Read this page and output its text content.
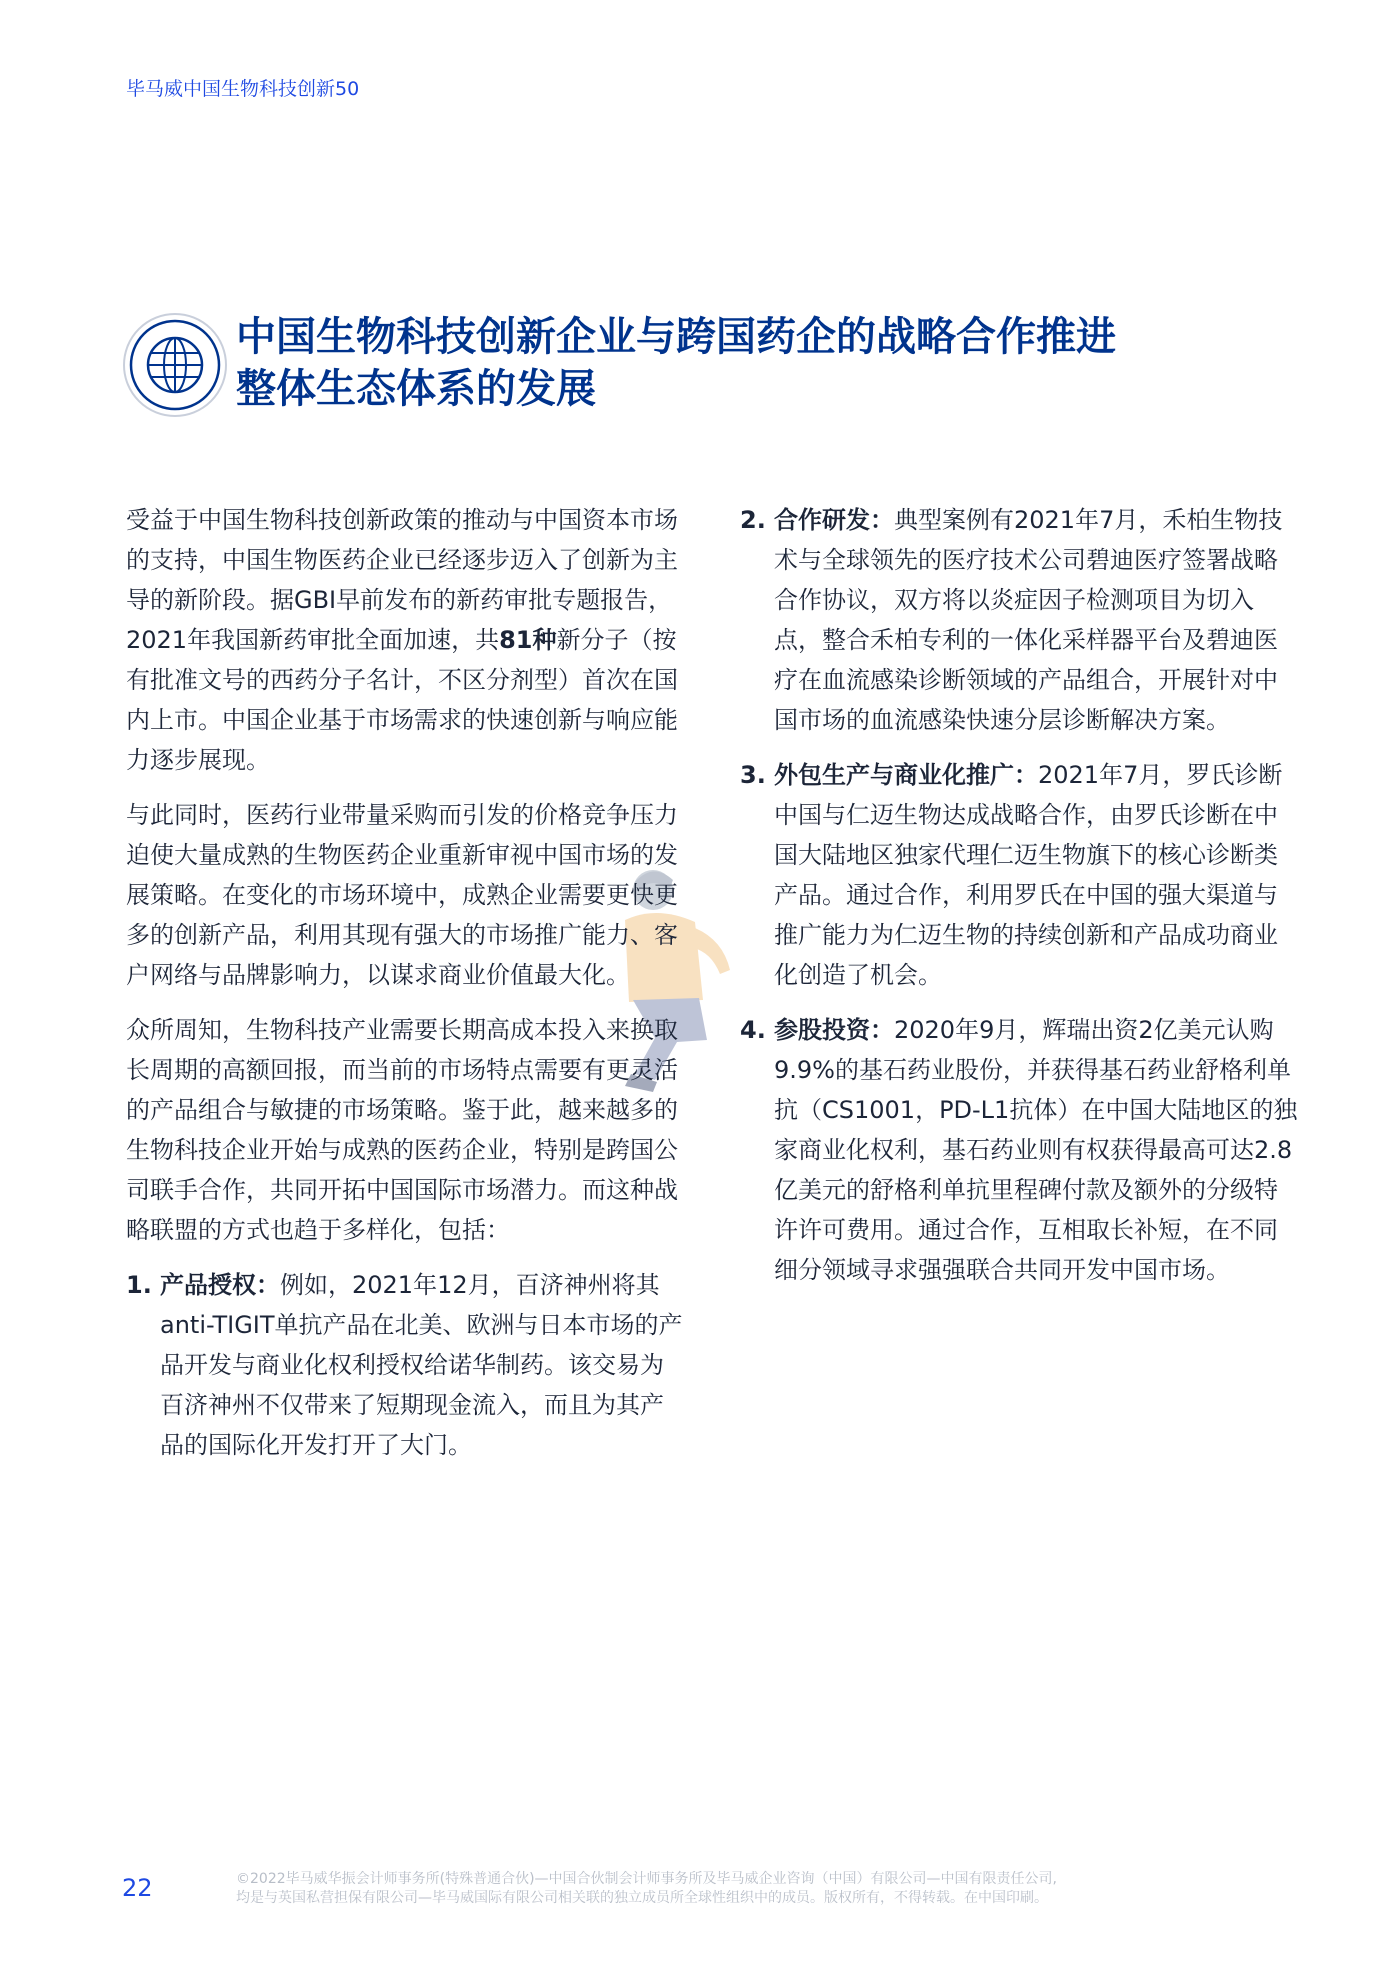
毕马威中国生物科技创新50
中国生物科技创新企业与跨国药企的战略合作推进
整体生态体系的发展

受益于中国生物科技创新政策的推动与中国资本市场的支持，中国生物医药企业已经逐步迈入了创新为主导的新阶段。据GBI早前发布的新药审批专题报告，2021年我国新药审批全面加速，共81种新分子（按有批准文号的西药分子名计，不区分剂型）首次在国内上市。中国企业基于市场需求的快速创新与响应能力逐步展现。

与此同时，医药行业带量采购而引发的价格竞争压力迫使大量成熟的生物医药企业重新审视中国市场的发展策略。在变化的市场环境中，成熟企业需要更快更多的创新产品，利用其现有强大的市场推广能力、客户网络与品牌影响力，以谋求商业价值最大化。

众所周知，生物科技产业需要长期高成本投入来换取长周期的高额回报，而当前的市场特点需要有更灵活的产品组合与敏捷的市场策略。鉴于此，越来越多的生物科技企业开始与成熟的医药企业，特别是跨国公司联手合作，共同开拓中国国际市场潜力。而这种战略联盟的方式也趋于多样化，包括：

1. 产品授权：例如，2021年12月，百济神州将其anti-TIGIT单抗产品在北美、欧洲与日本市场的产品开发与商业化权利授权给诺华制药。该交易为百济神州不仅带来了短期现金流入，而且为其产品的国际化开发打开了大门。
2. 合作研发：典型案例有2021年7月，禾柏生物技术与全球领先的医疗技术公司碧迪医疗签署战略合作协议，双方将以炎症因子检测项目为切入点，整合禾柏专利的一体化采样器平台及碧迪医疗在血流感染诊断领域的产品组合，开展针对中国市场的血流感染快速分层诊断解决方案。
3. 外包生产与商业化推广：2021年7月，罗氏诊断中国与仁迈生物达成战略合作，由罗氏诊断在中国大陆地区独家代理仁迈生物旗下的核心诊断类产品。通过合作，利用罗氏在中国的强大渠道与推广能力为仁迈生物的持续创新和产品成功商业化创造了机会。
4. 参股投资：2020年9月，辉瑞出资2亿美元认购9.9%的基石药业股份，并获得基石药业舒格利单抗（CS1001，PD-L1抗体）在中国大陆地区的独家商业化权利，基石药业则有权获得最高可达2.8亿美元的舒格利单抗里程碑付款及额外的分级特许许可费用。通过合作，互相取长补短，在不同细分领域寻求强强联合共同开发中国市场。
22	©2022毕马威华振会计师事务所(特殊普通合伙)—中国合伙制会计师事务所及毕马威企业咨询（中国）有限公司—中国有限责任公司,
均是与英国私营担保有限公司—毕马威国际有限公司相关联的独立成员所全球性组织中的成员。版权所有，不得转载。在中国印刷。
